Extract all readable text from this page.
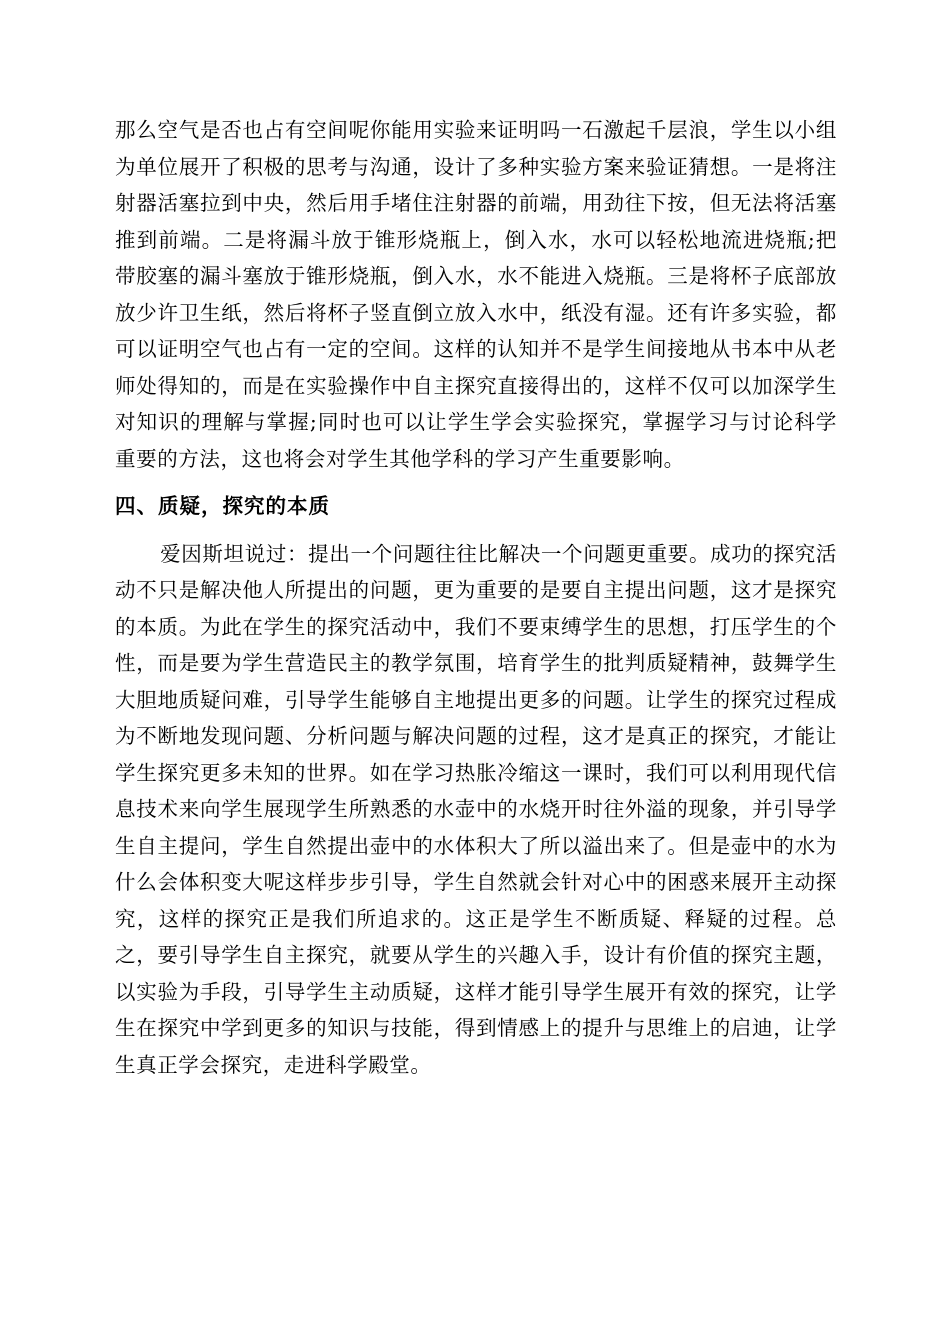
那么空气是否也占有空间呢你能用实验来证明吗一石激起千层浪，学生以小组为单位展开了积极的思考与沟通，设计了多种实验方案来验证猜想。一是将注射器活塞拉到中央，然后用手堵住注射器的前端，用劲往下按，但无法将活塞推到前端。二是将漏斗放于锥形烧瓶上，倒入水，水可以轻松地流进烧瓶;把带胶塞的漏斗塞放于锥形烧瓶，倒入水，水不能进入烧瓶。三是将杯子底部放放少许卫生纸，然后将杯子竖直倒立放入水中，纸没有湿。还有许多实验，都可以证明空气也占有一定的空间。这样的认知并不是学生间接地从书本中从老师处得知的，而是在实验操作中自主探究直接得出的，这样不仅可以加深学生对知识的理解与掌握;同时也可以让学生学会实验探究，掌握学习与讨论科学重要的方法，这也将会对学生其他学科的学习产生重要影响。

四、质疑，探究的本质

爱因斯坦说过：提出一个问题往往比解决一个问题更重要。成功的探究活动不只是解决他人所提出的问题，更为重要的是要自主提出问题，这才是探究的本质。为此在学生的探究活动中，我们不要束缚学生的思想，打压学生的个性，而是要为学生营造民主的教学氛围，培育学生的批判质疑精神，鼓舞学生大胆地质疑问难，引导学生能够自主地提出更多的问题。让学生的探究过程成为不断地发现问题、分析问题与解决问题的过程，这才是真正的探究，才能让学生探究更多未知的世界。如在学习热胀冷缩这一课时，我们可以利用现代信息技术来向学生展现学生所熟悉的水壶中的水烧开时往外溢的现象，并引导学生自主提问，学生自然提出壶中的水体积大了所以溢出来了。但是壶中的水为什么会体积变大呢这样步步引导，学生自然就会针对心中的困惑来展开主动探究，这样的探究正是我们所追求的。这正是学生不断质疑、释疑的过程。总之，要引导学生自主探究，就要从学生的兴趣入手，设计有价值的探究主题，以实验为手段，引导学生主动质疑，这样才能引导学生展开有效的探究，让学生在探究中学到更多的知识与技能，得到情感上的提升与思维上的启迪，让学生真正学会探究，走进科学殿堂。
